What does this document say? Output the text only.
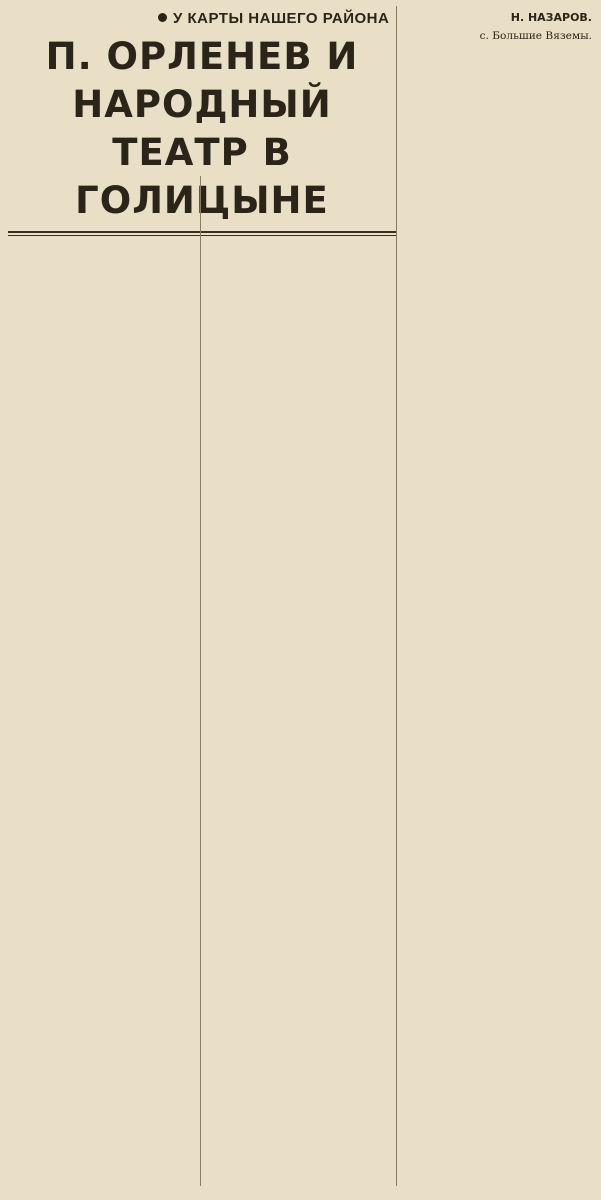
У КАРТЫ НАШЕГО РАЙОНА
П. ОРЛЕНЕВ И НАРОДНЫЙ
ТЕАТР В ГОЛИЦЫНЕ
Н. НАЗАРОВ.
с. Большие Вяземы.
